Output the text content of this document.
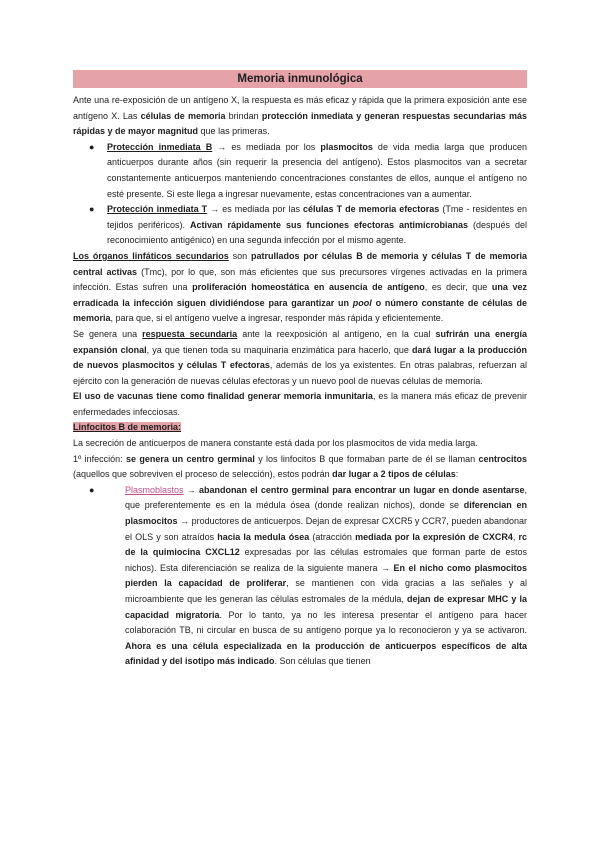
Memoria inmunológica

Ante una re-exposición de un antígeno X, la respuesta es más eficaz y rápida que la primera exposición ante ese antígeno X. Las células de memoria brindan protección inmediata y generan respuestas secundarias más rápidas y de mayor magnitud que las primeras.

● Protección inmediata B → es mediada por los plasmocitos de vida media larga que producen anticuerpos durante años (sin requerir la presencia del antígeno). Estos plasmocitos van a secretar constantemente anticuerpos manteniendo concentraciones constantes de ellos, aunque el antígeno no esté presente. Si este llega a ingresar nuevamente, estas concentraciones van a aumentar.
● Protección inmediata T → es mediada por las células T de memoria efectoras (Tme - residentes en tejidos periféricos). Activan rápidamente sus funciones efectoras antimicrobianas (después del reconocimiento antigénico) en una segunda infección por el mismo agente.

Los órganos linfáticos secundarios son patrullados por células B de memoria y células T de memoria central activas (Tmc), por lo que, son más eficientes que sus precursores vírgenes activadas en la primera infección. Estas sufren una proliferación homeostática en ausencia de antígeno, es decir, que una vez erradicada la infección siguen dividiéndose para garantizar un pool o número constante de células de memoria, para que, si el antígeno vuelve a ingresar, responder más rápida y eficientemente.

Se genera una respuesta secundaria ante la reexposición al antígeno, en la cual sufrirán una energía expansión clonal, ya que tienen toda su maquinaria enzimática para hacerlo, que dará lugar a la producción de nuevos plasmocitos y células T efectoras, además de los ya existentes. En otras palabras, refuerzan al ejército con la generación de nuevas células efectoras y un nuevo pool de nuevas células de memoria.

El uso de vacunas tiene como finalidad generar memoria inmunitaria, es la manera más eficaz de prevenir enfermedades infecciosas.

Linfocitos B de memoria:

La secreción de anticuerpos de manera constante está dada por los plasmocitos de vida media larga.

1º infección: se genera un centro germinal y los linfocitos B que formaban parte de él se llaman centrocitos (aquellos que sobreviven el proceso de selección), estos podrán dar lugar a 2 tipos de células:

●	Plasmoblastos → abandonan el centro germinal para encontrar un lugar en donde asentarse, que preferentemente es en la médula ósea (donde realizan nichos), donde se diferencian en plasmocitos → productores de anticuerpos. Dejan de expresar CXCR5 y CCR7, pueden abandonar el OLS y son atraídos hacia la medula ósea (atracción mediada por la expresión de CXCR4, rc de la quimiocina CXCL12 expresadas por las células estromales que forman parte de estos nichos). Esta diferenciación se realiza de la siguiente manera → En el nicho como plasmocitos pierden la capacidad de proliferar, se mantienen con vida gracias a las señales y al microambiente que les generan las células estromales de la médula, dejan de expresar MHC y la capacidad migratoria. Por lo tanto, ya no les interesa presentar el antígeno para hacer colaboración TB, ni circular en busca de su antígeno porque ya lo reconocieron y ya se activaron. Ahora es una célula especializada en la producción de anticuerpos específicos de alta afinidad y del isotipo más indicado. Son células que tienen
